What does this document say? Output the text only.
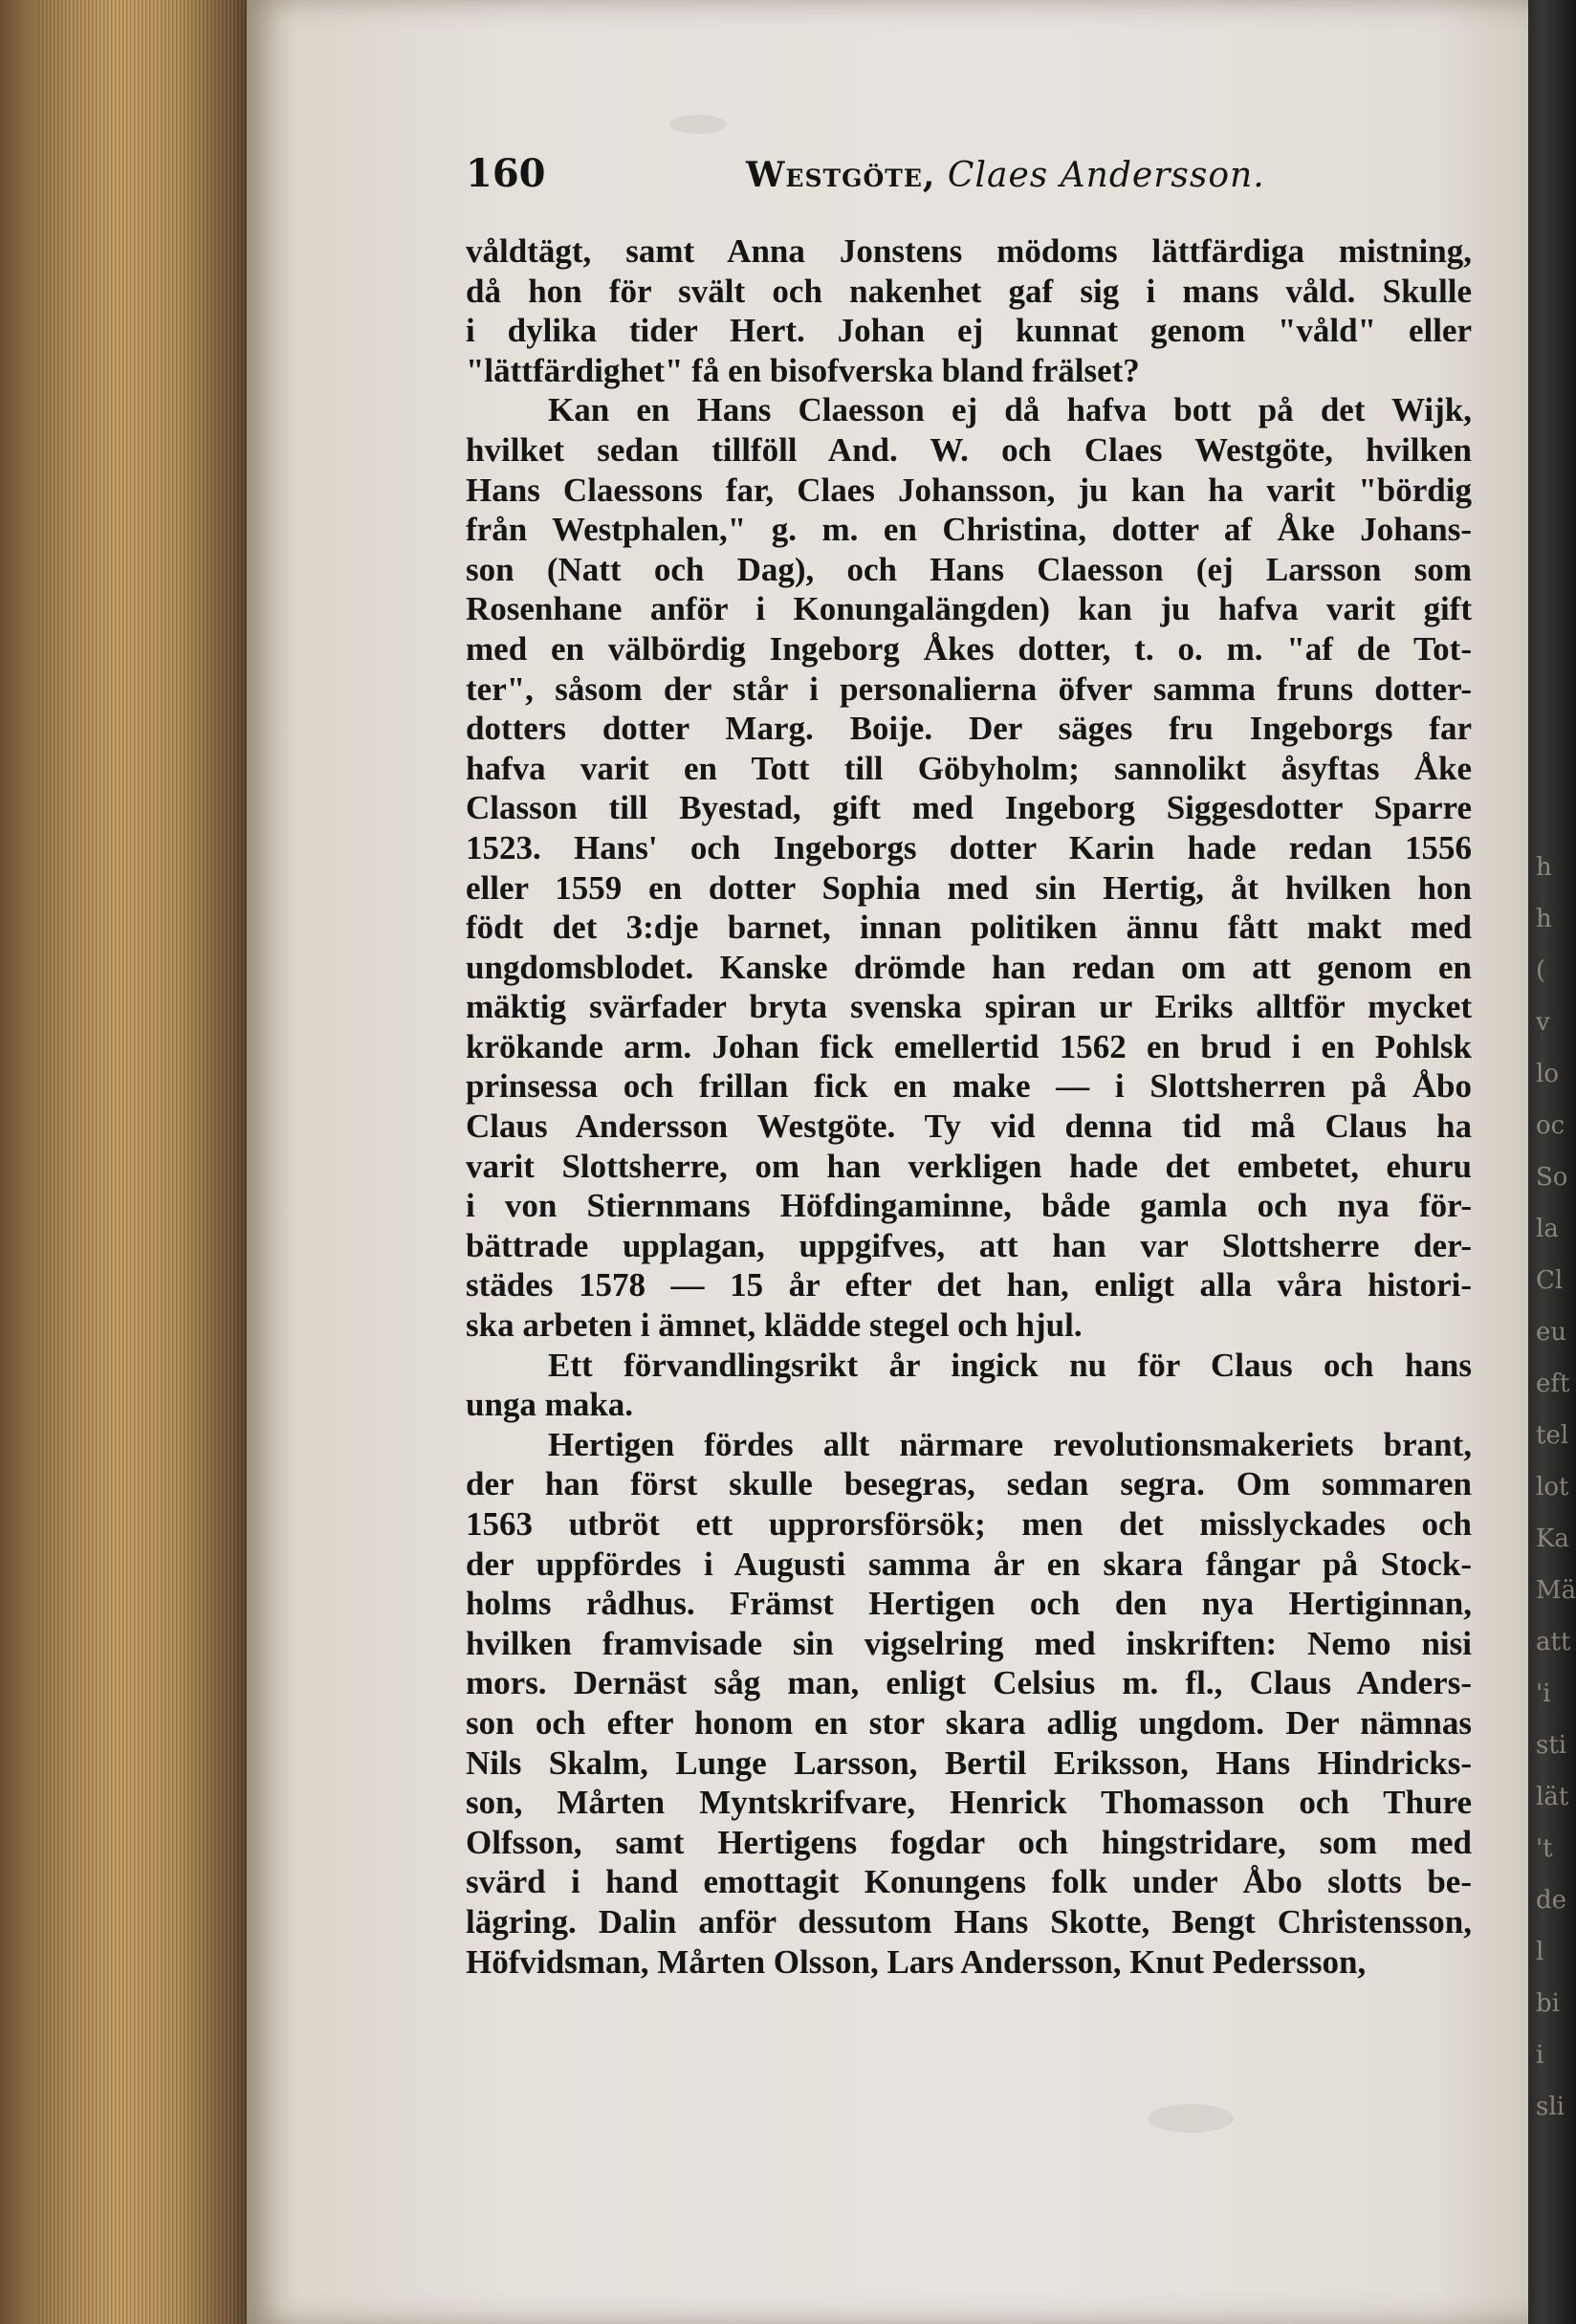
160	Westgöte, Claes Andersson.
våldtägt, samt Anna Jonstens mödoms lättfärdiga mistning,
då hon för svält och nakenhet gaf sig i mans våld. Skulle
i dylika tider Hert. Johan ej kunnat genom "våld" eller
"lättfärdighet" få en bisofverska bland frälset?
Kan en Hans Claesson ej då hafva bott på det Wijk,
hvilket sedan tillföll And. W. och Claes Westgöte, hvilken
Hans Claessons far, Claes Johansson, ju kan ha varit "bördig
från Westphalen," g. m. en Christina, dotter af Åke Johans-
son (Natt och Dag), och Hans Claesson (ej Larsson som
Rosenhane anför i Konungalängden) kan ju hafva varit gift
med en välbördig Ingeborg Åkes dotter, t. o. m. "af de Tot-
ter", såsom der står i personalierna öfver samma fruns dotter-
dotters dotter Marg. Boije. Der säges fru Ingeborgs far
hafva varit en Tott till Göbyholm; sannolikt åsyftas Åke
Classon till Byestad, gift med Ingeborg Siggesdotter Sparre
1523. Hans' och Ingeborgs dotter Karin hade redan 1556
eller 1559 en dotter Sophia med sin Hertig, åt hvilken hon
födt det 3:dje barnet, innan politiken ännu fått makt med
ungdomsblodet. Kanske drömde han redan om att genom en
mäktig svärfader bryta svenska spiran ur Eriks alltför mycket
krökande arm. Johan fick emellertid 1562 en brud i en Pohlsk
prinsessa och frillan fick en make — i Slottsherren på Åbo
Claus Andersson Westgöte. Ty vid denna tid må Claus ha
varit Slottsherre, om han verkligen hade det embetet, ehuru
i von Stiernmans Höfdingaminne, både gamla och nya för-
bättrade upplagan, uppgifves, att han var Slottsherre der-
städes 1578 — 15 år efter det han, enligt alla våra histori-
ska arbeten i ämnet, klädde stegel och hjul.
Ett förvandlingsrikt år ingick nu för Claus och hans
unga maka.
Hertigen fördes allt närmare revolutionsmakeriets brant,
der han först skulle besegras, sedan segra. Om sommaren
1563 utbröt ett upprorsförsök; men det misslyckades och
der uppfördes i Augusti samma år en skara fångar på Stock-
holms rådhus. Främst Hertigen och den nya Hertiginnan,
hvilken framvisade sin vigselring med inskriften: Nemo nisi
mors. Dernäst såg man, enligt Celsius m. fl., Claus Anders-
son och efter honom en stor skara adlig ungdom. Der nämnas
Nils Skalm, Lunge Larsson, Bertil Eriksson, Hans Hindricks-
son, Mårten Myntskrifvare, Henrick Thomasson och Thure
Olfsson, samt Hertigens fogdar och hingstridare, som med
svärd i hand emottagit Konungens folk under Åbo slotts be-
lägring. Dalin anför dessutom Hans Skotte, Bengt Christensson,
Höfvidsman, Mårten Olsson, Lars Andersson, Knut Pedersson,
h
h
(
v
lo
oc
So
la
Cl
eu
eft
tel
lot
Ka
Mä
att
'i
sti
lät
't
de
l
bi
i
sli
